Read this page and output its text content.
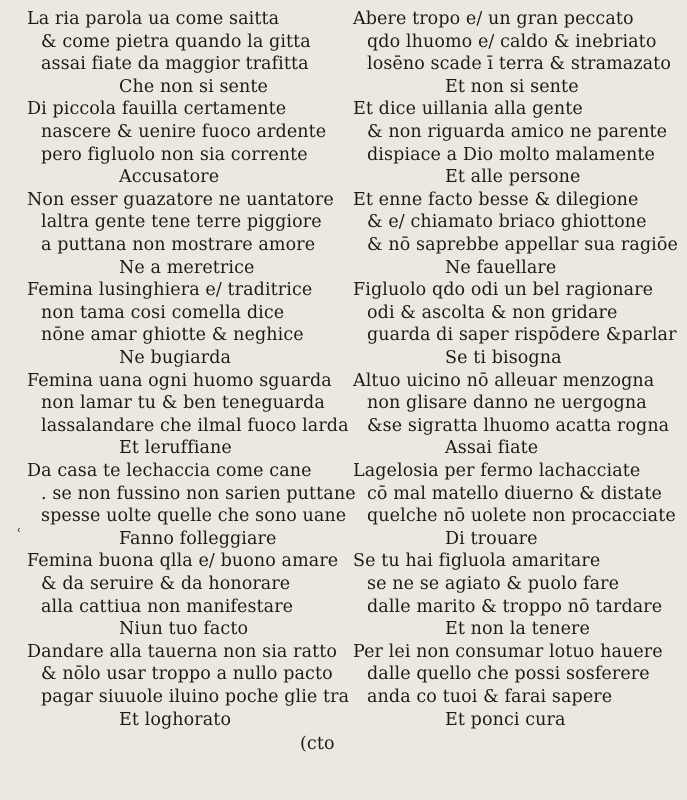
La ria parola ua come saitta
& come pietra quando la gitta
assai fiate da maggior trafitta
Che non si sente
Di piccola fauilla certamente
nascere & uenire fuoco ardente
pero figluolo non sia corrente
Accusatore
Non esser guazatore ne uantatore
laltra gente tene terre piggiore
a puttana non mostrare amore
Ne a meretrice
Femina lusinghiera e/ traditrice
non tama cosi comella dice
nōne amar ghiotte & neghice
Ne bugiarda
Femina uana ogni huomo sguarda
non lamar tu & ben teneguarda
lassalandare che ilmal fuoco larda
Et leruffiane
Da casa te lechaccia come cane
. se non fussino non sarien puttane
spesse uolte quelle che sono uane
Fanno folleggiare
Femina buona qlla e/ buono amare
& da seruire & da honorare
alla cattiua non manifestare
Niun tuo facto
Dandare alla tauerna non sia ratto
& nōlo usar troppo a nullo pacto
pagar siuuole iluino poche glie tra
Et loghorato
Abere tropo e/ un gran peccato
qdo lhuomo e/ caldo & inebriato
losēno scade ī terra & stramazato
Et non si sente
Et dice uillania alla gente
& non riguarda amico ne parente
dispiace a Dio molto malamente
Et alle persone
Et enne facto besse & dilegione
& e/ chiamato briaco ghiottone
& nō saprebbe appellar sua ragiōe
Ne fauellare
Figluolo qdo odi un bel ragionare
odi & ascolta & non gridare
guarda di saper rispōdere &parlar
Se ti bisogna
Altuo uicino nō alleuar menzogna
non glisare danno ne uergogna
&se sigratta lhuomo acatta rogna
Assai fiate
Lagelosia per fermo lachacciate
cō mal matello diuerno & distate
quelche nō uolete non procacciate
Di trouare
Se tu hai figluola amaritare
se ne se agiato & puolo fare
dalle marito & troppo nō tardare
Et non la tenere
Per lei non consumar lotuo hauere
dalle quello che possi sosferere
anda co tuoi & farai sapere
Et ponci cura
ʿ
(cto
